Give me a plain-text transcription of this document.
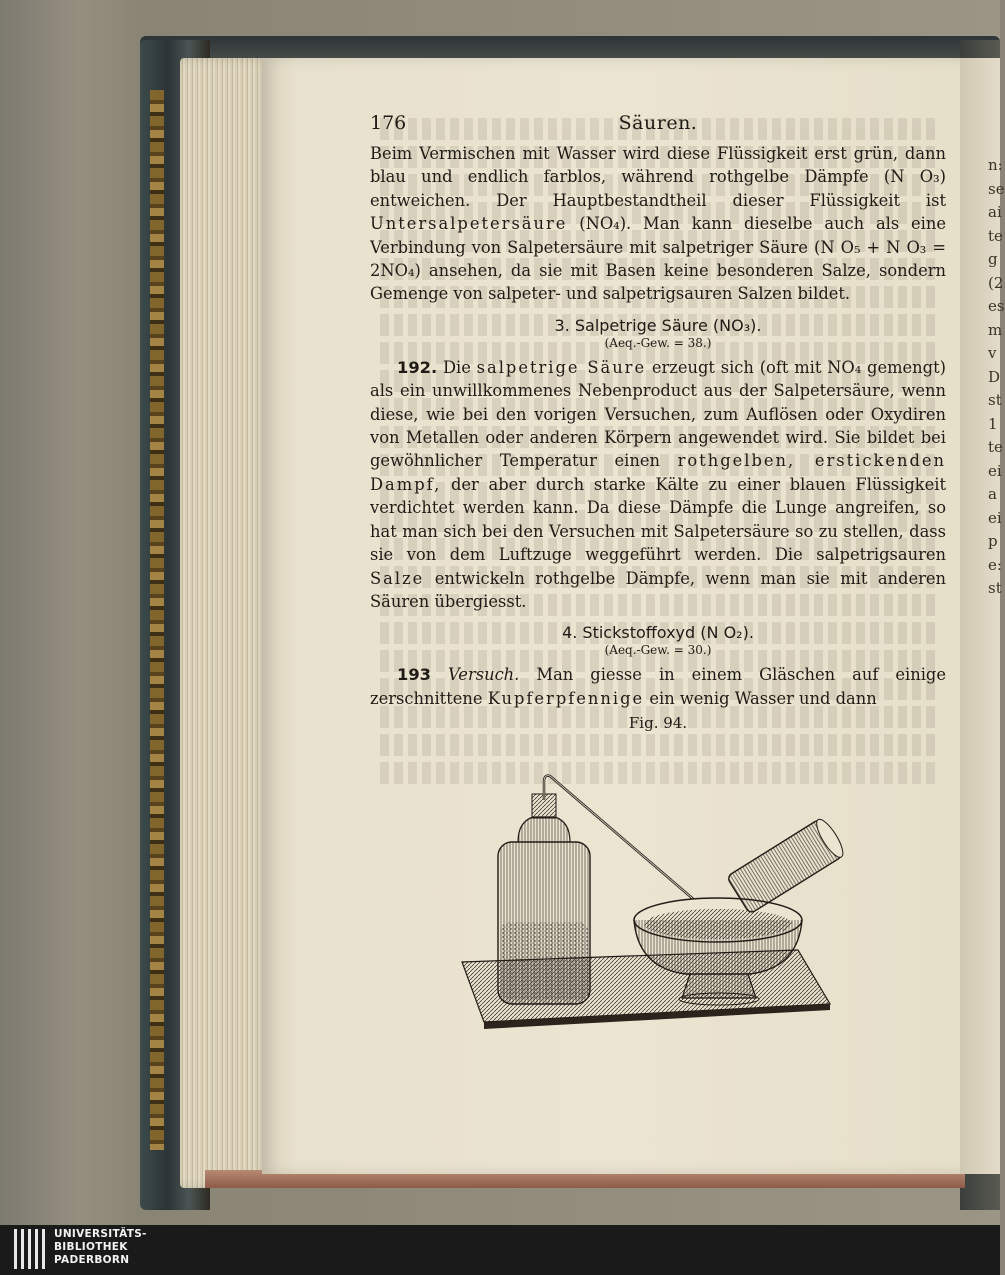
n:
se
ai
te
g
(2
es
m
v
D
st
1
te
ei
a
ei
p
e:
st
176	Säuren.

Beim Vermischen mit Wasser wird diese Flüssigkeit erst grün, dann blau und endlich farblos, während rothgelbe Dämpfe (N O₃) entweichen. Der Hauptbestandtheil dieser Flüssigkeit ist Untersalpetersäure (NO₄). Man kann dieselbe auch als eine Verbindung von Salpetersäure mit salpetriger Säure (N O₅ + N O₃ = 2NO₄) ansehen, da sie mit Basen keine besonderen Salze, sondern Gemenge von salpeter- und salpetrigsauren Salzen bildet.

3. Salpetrige Säure (NO₃).
(Aeq.-Gew. = 38.)

192. Die salpetrige Säure erzeugt sich (oft mit NO₄ gemengt) als ein unwillkommenes Nebenproduct aus der Salpetersäure, wenn diese, wie bei den vorigen Versuchen, zum Auflösen oder Oxydiren von Metallen oder anderen Körpern angewendet wird. Sie bildet bei gewöhnlicher Temperatur einen rothgelben, erstickenden Dampf, der aber durch starke Kälte zu einer blauen Flüssigkeit verdichtet werden kann. Da diese Dämpfe die Lunge angreifen, so hat man sich bei den Versuchen mit Salpetersäure so zu stellen, dass sie von dem Luftzuge weggeführt werden. Die salpetrigsauren Salze entwickeln rothgelbe Dämpfe, wenn man sie mit anderen Säuren übergiesst.

4. Stickstoffoxyd (N O₂).
(Aeq.-Gew. = 30.)

193 Versuch. Man giesse in einem Gläschen auf einige zerschnittene Kupferpfennige ein wenig Wasser und dann

Fig. 94.
UNIVERSITÄTS-
BIBLIOTHEK
PADERBORN
